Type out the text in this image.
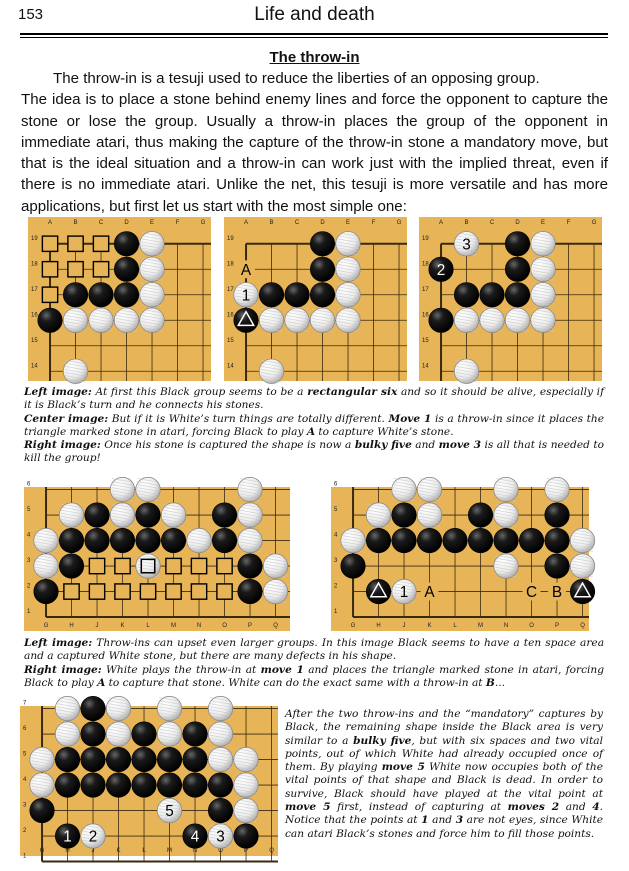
153	Life and death
The throw-in

The throw-in is a tesuji used to reduce the liberties of an opposing group.

The idea is to place a stone behind enemy lines and force the opponent to capture the stone or lose the group. Usually a throw-in places the group of the opponent in immediate atari, thus making the capture of the throw-in stone a mandatory move, but that is the ideal situation and a throw-in can work just with the implied threat, even if there is no immediate atari. Unlike the net, this tesuji is more versatile and has more applications, but first let us start with the most simple one:

A	B	C	D	E	F	G
19
18
17
16
15
14
A	B	C	D	E	F	G
19
18
17
16
15
14
1
A
A	B	C	D	E	F	G
19
18
17
16
15
14
3
2

Left image: At first this Black group seems to be a rectangular six and so it should be alive, especially if it is Black’s turn and he connects his stones.

Center image: But if it is White’s turn things are totally different. Move 1 is a throw-in since it places the triangle marked stone in atari, forcing Black to play A to capture White’s stone.

Right image: Once his stone is captured the shape is now a bulky five and move 3 is all that is needed to kill the group!

G	H	J	K	L	M	N	O	P	Q
6
5
4
3
2
1
G	H	J	K	L	M	N	O	P	Q
6
5
4
3
2
1
1 A	C B

Left image: Throw-ins can upset even larger groups. In this image Black seems to have a ten space area and a captured White stone, but there are many defects in his shape.

Right image: White plays the throw-in at move 1 and places the triangle marked stone in atari, forcing Black to play A to capture that stone. White can do the exact same with a throw-in at B...

G	H	J	K	L	M	N	O	P	Q
7
6
5
4
3
2
1
5
1 2	4 3

After the two throw-ins and the “mandatory” captures by Black, the remaining shape inside the Black area is very similar to a bulky five, but with six spaces and two vital points, out of which White had already occupied once of them. By playing move 5 White now occupies both of the vital points of that shape and Black is dead. In order to survive, Black should have played at the vital point at move 5 first, instead of capturing at moves 2 and 4. Notice that the points at 1 and 3 are not eyes, since White can atari Black’s stones and force him to fill those points.
